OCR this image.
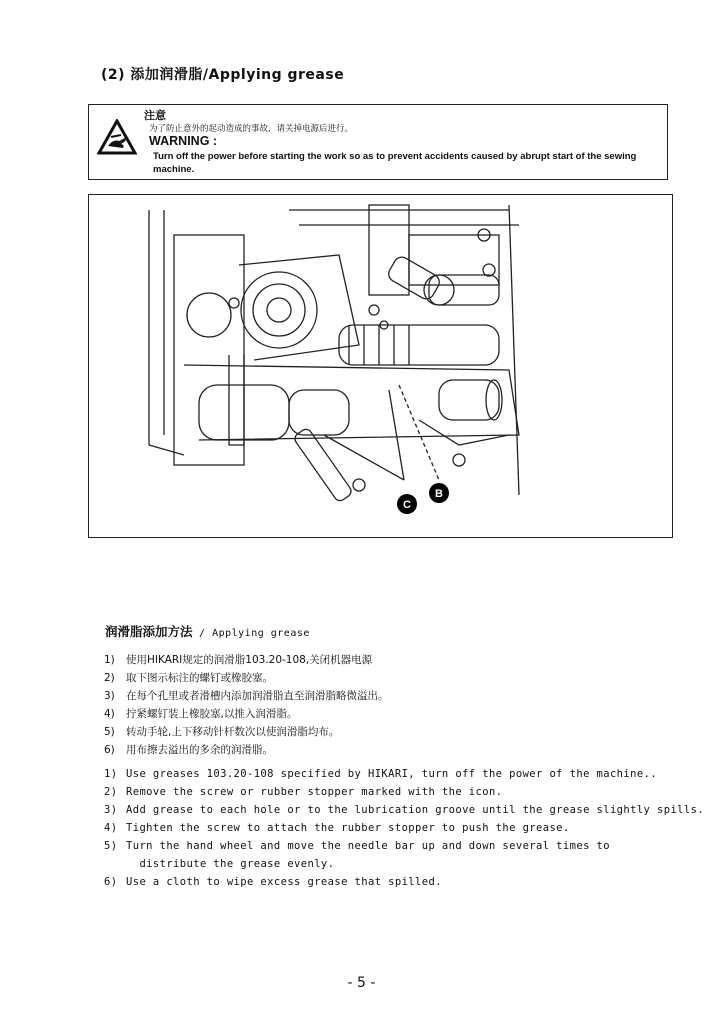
(2) 添加润滑脂/Applying grease
注意
为了防止意外的起动造成的事故，请关掉电源后进行。
WARNING :
Turn off the power before starting the work so as to prevent accidents caused by abrupt start of the sewing machine.
C
B
润滑脂添加方法 / Applying grease
1)	使用HIKARI规定的润滑脂103.20-108,关闭机器电源
2)	取下图示标注的螺钉或橡胶塞。
3)	在每个孔里或者滑槽内添加润滑脂直至润滑脂略微溢出。
4)	拧紧螺钉装上橡胶塞,以推入润滑脂。
5)	转动手轮,上下移动针杆数次以使润滑脂均布。
6)	用布擦去溢出的多余的润滑脂。
1) Use greases 103.20-108 specified by HIKARI, turn off the power of the machine..
2) Remove the screw or rubber stopper marked with the icon.
3) Add grease to each hole or to the lubrication groove until the grease slightly spills.
4) Tighten the screw to attach the rubber stopper to push the grease.
5) Turn the hand wheel and move the needle bar up and down several times to
distribute the grease evenly.
6) Use a cloth to wipe excess grease that spilled.
- 5 -
